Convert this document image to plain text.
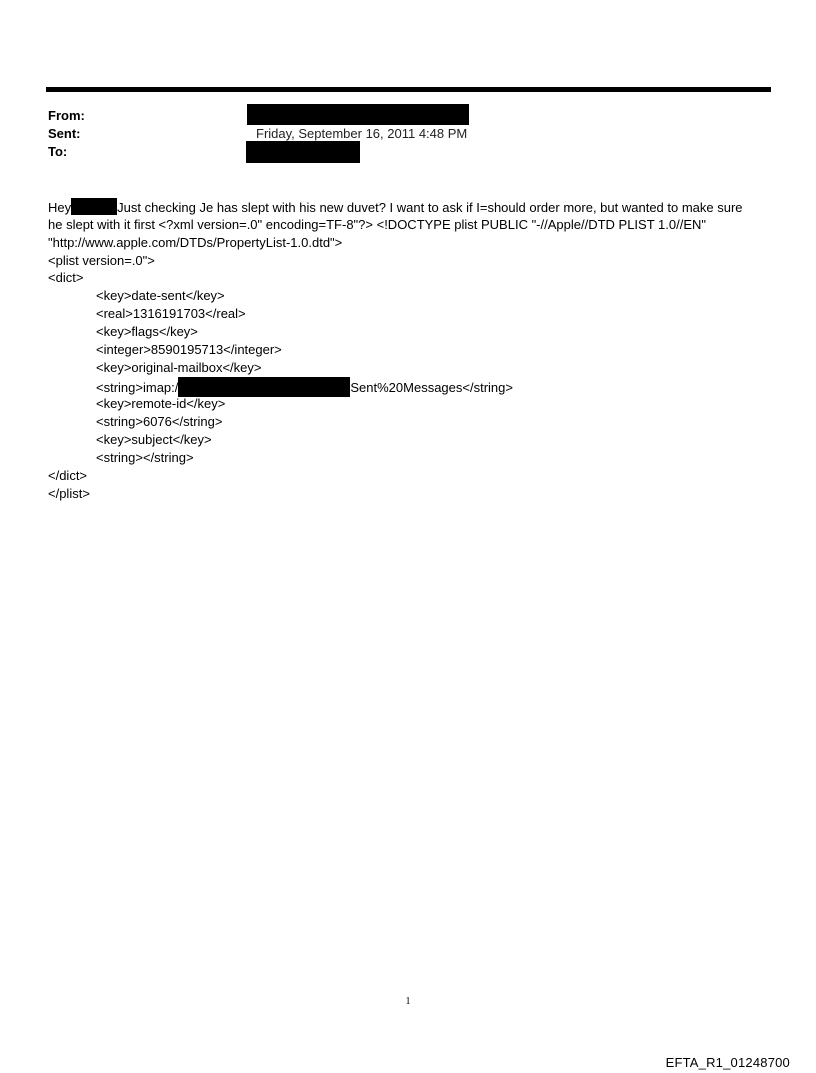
From:
Sent:	Friday, September 16, 2011 4:48 PM
To:
Hey	Just checking Je has slept with his new duvet? I want to ask if I=should order more, but wanted to make sure
he slept with it first <?xml version=.0" encoding=TF-8"?> <!DOCTYPE plist PUBLIC "-//Apple//DTD PLIST 1.0//EN"
"http://www.apple.com/DTDs/PropertyList-1.0.dtd">
<plist version=.0">
<dict>
<key>date-sent</key>
<real>1316191703</real>
<key>flags</key>
<integer>8590195713</integer>
<key>original-mailbox</key>
<string>imap:/	Sent%20Messages</string>
<key>remote-id</key>
<string>6076</string>
<key>subject</key>
<string></string>
</dict>
</plist>
1
EFTA_R1_01248700
